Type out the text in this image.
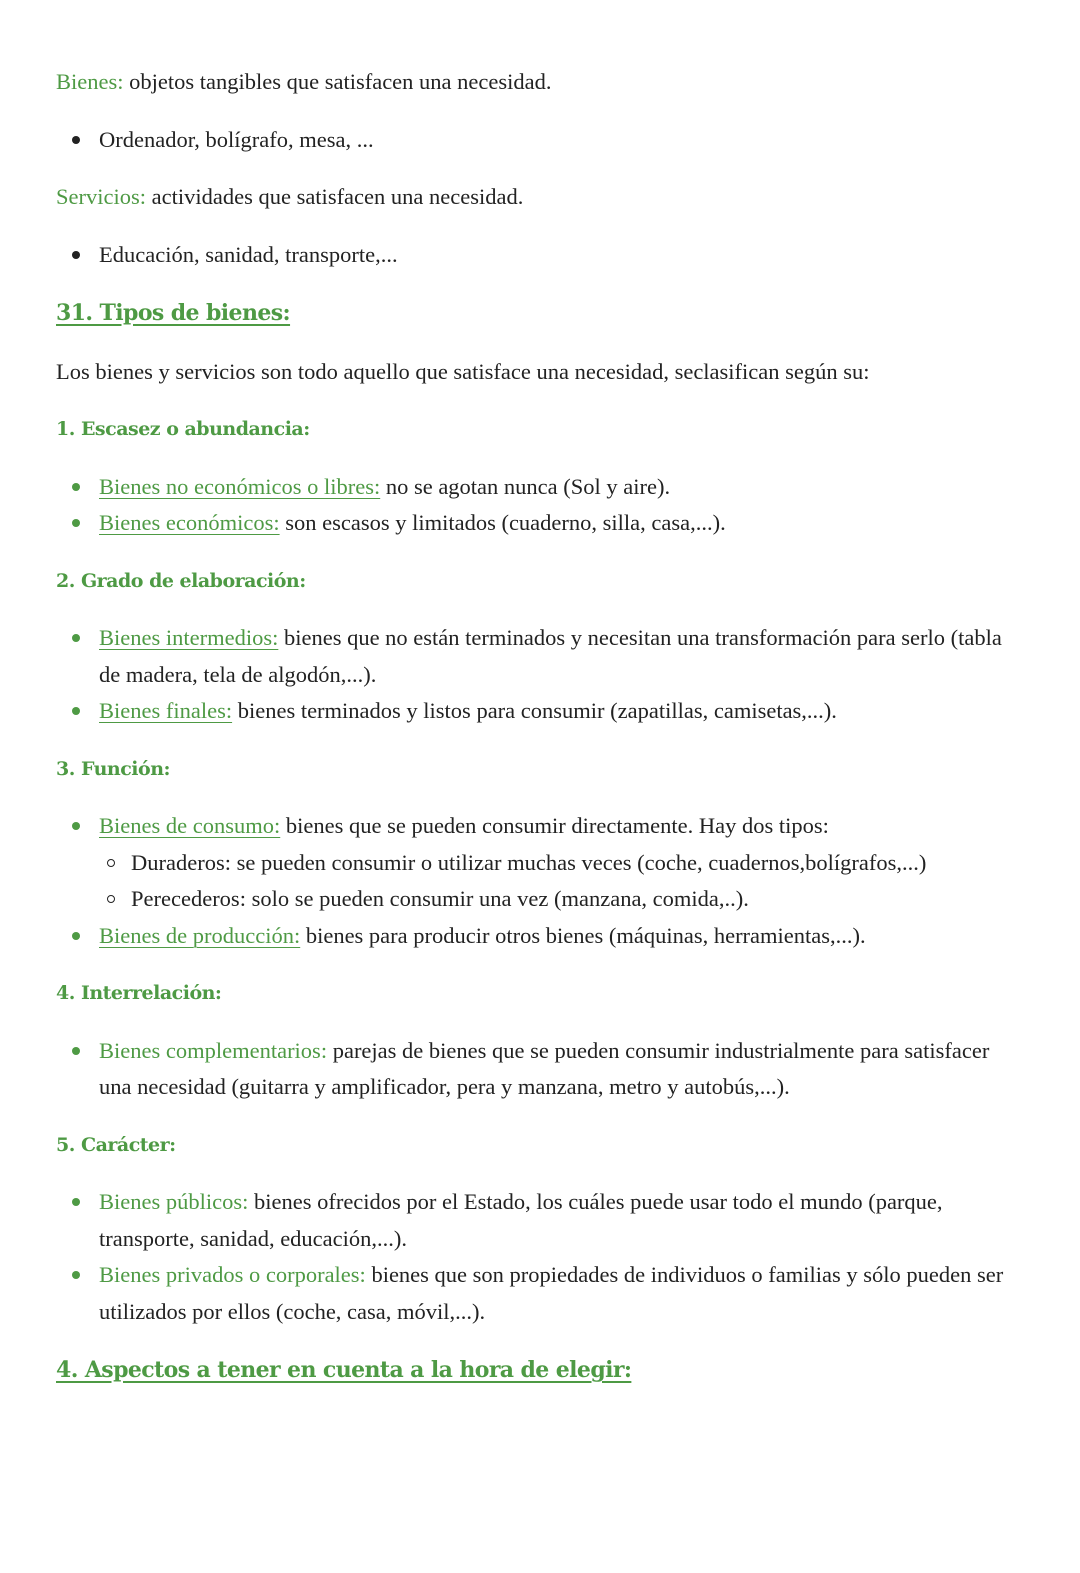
Bienes: objetos tangibles que satisfacen una necesidad.

Ordenador, bolígrafo, mesa, ...

Servicios: actividades que satisfacen una necesidad.

Educación, sanidad, transporte,...
31. Tipos de bienes:

Los bienes y servicios son todo aquello que satisface una necesidad, seclasifican según su:

1. Escasez o abundancia:
Bienes no económicos o libres: no se agotan nunca (Sol y aire).
Bienes económicos: son escasos y limitados (cuaderno, silla, casa,...).
2. Grado de elaboración:
Bienes intermedios: bienes que no están terminados y necesitan una transformación para serlo (tabla de madera, tela de algodón,...).
Bienes finales: bienes terminados y listos para consumir (zapatillas, camisetas,...).
3. Función:
Bienes de consumo: bienes que se pueden consumir directamente. Hay dos tipos:
Duraderos: se pueden consumir o utilizar muchas veces (coche, cuadernos,bolígrafos,...)
Perecederos: solo se pueden consumir una vez (manzana, comida,..).
Bienes de producción: bienes para producir otros bienes (máquinas, herramientas,...).
4. Interrelación:
Bienes complementarios: parejas de bienes que se pueden consumir industrialmente para satisfacer una necesidad (guitarra y amplificador, pera y manzana, metro y autobús,...).
5. Carácter:
Bienes públicos: bienes ofrecidos por el Estado, los cuáles puede usar todo el mundo (parque, transporte, sanidad, educación,...).
Bienes privados o corporales: bienes que son propiedades de individuos o familias y sólo pueden ser utilizados por ellos (coche, casa, móvil,...).
4. Aspectos a tener en cuenta a la hora de elegir:
